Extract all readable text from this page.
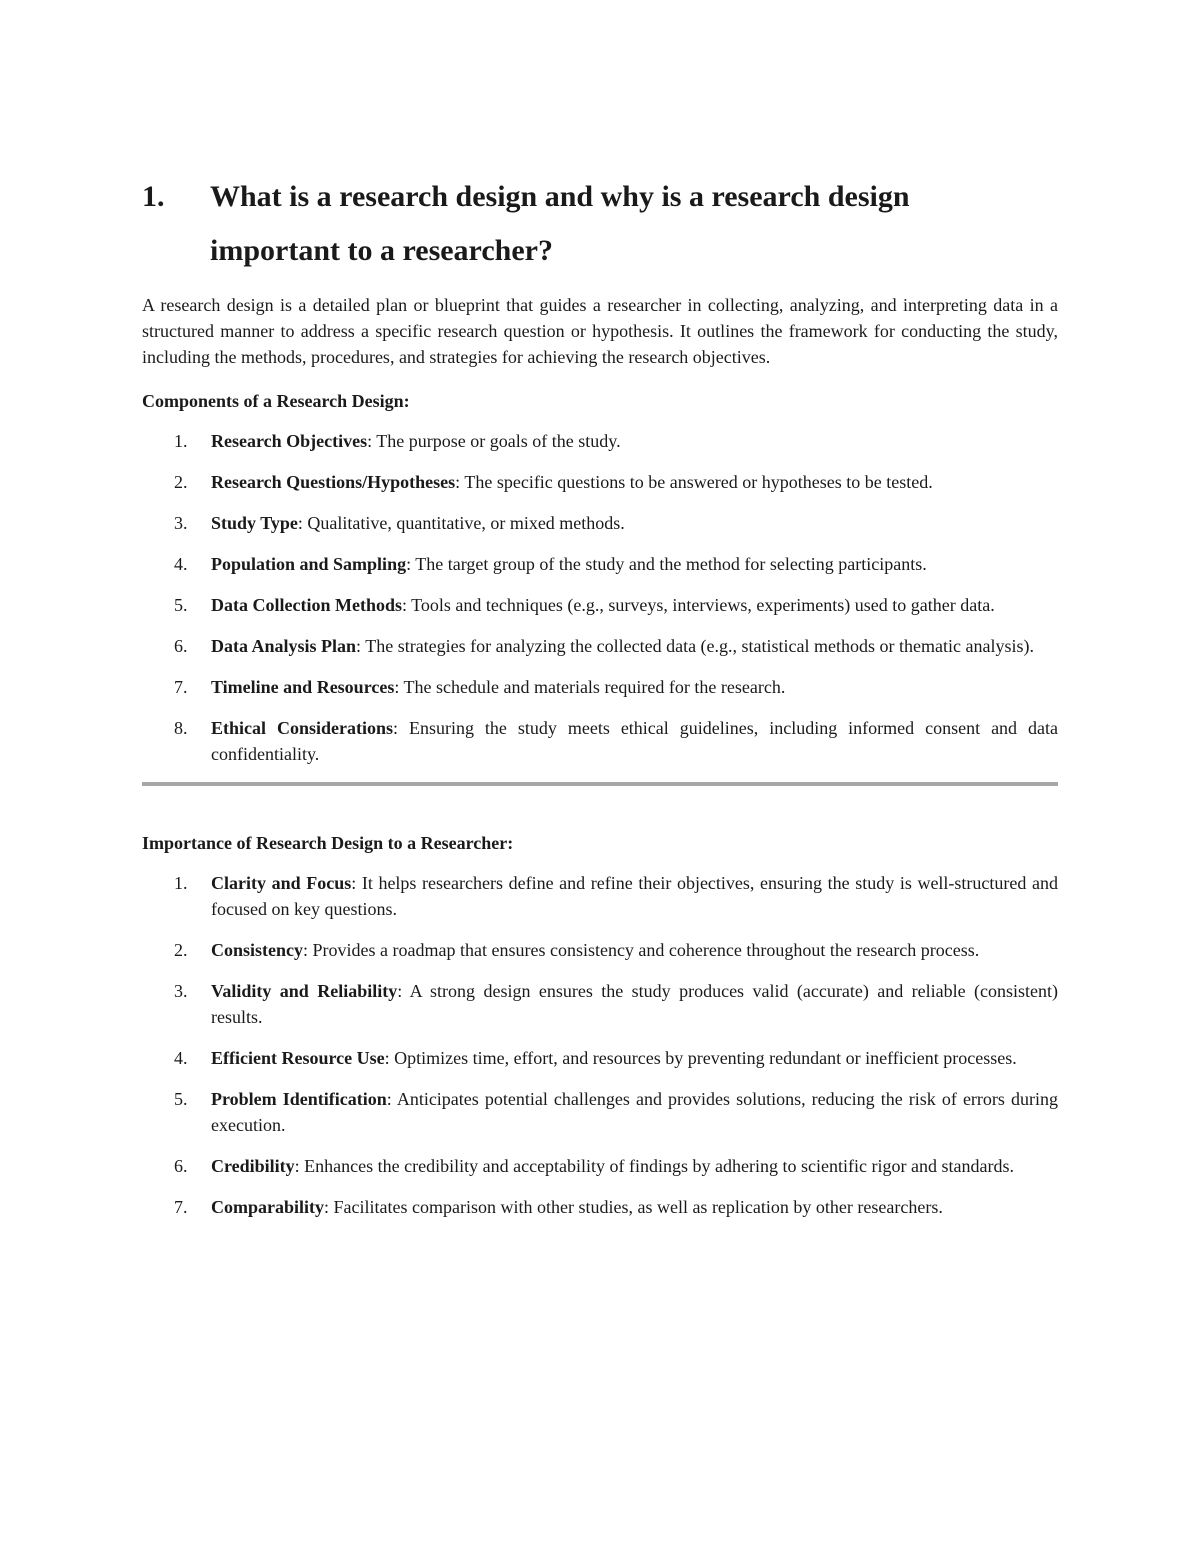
1.	What is a research design and why is a research design
important to a researcher?

A research design is a detailed plan or blueprint that guides a researcher in collecting, analyzing, and interpreting data in a structured manner to address a specific research question or hypothesis. It outlines the framework for conducting the study, including the methods, procedures, and strategies for achieving the research objectives.

Components of a Research Design:

1.	Research Objectives: The purpose or goals of the study.
2.	Research Questions/Hypotheses: The specific questions to be answered or hypotheses to be tested.
3.	Study Type: Qualitative, quantitative, or mixed methods.
4.	Population and Sampling: The target group of the study and the method for selecting participants.
5.	Data Collection Methods: Tools and techniques (e.g., surveys, interviews, experiments) used to gather data.
6.	Data Analysis Plan: The strategies for analyzing the collected data (e.g., statistical methods or thematic analysis).
7.	Timeline and Resources: The schedule and materials required for the research.
8.	Ethical Considerations: Ensuring the study meets ethical guidelines, including informed consent and data confidentiality.

Importance of Research Design to a Researcher:

1.	Clarity and Focus: It helps researchers define and refine their objectives, ensuring the study is well-structured and focused on key questions.
2.	Consistency: Provides a roadmap that ensures consistency and coherence throughout the research process.
3.	Validity and Reliability: A strong design ensures the study produces valid (accurate) and reliable (consistent) results.
4.	Efficient Resource Use: Optimizes time, effort, and resources by preventing redundant or inefficient processes.
5.	Problem Identification: Anticipates potential challenges and provides solutions, reducing the risk of errors during execution.
6.	Credibility: Enhances the credibility and acceptability of findings by adhering to scientific rigor and standards.
7.	Comparability: Facilitates comparison with other studies, as well as replication by other researchers.
